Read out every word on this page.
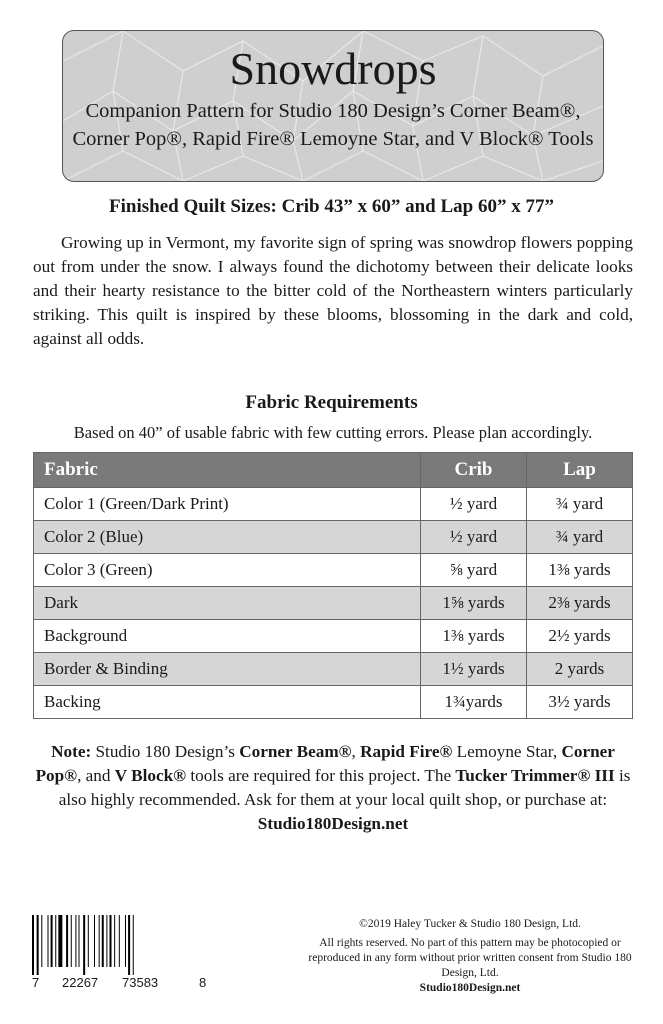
Snowdrops
Companion Pattern for Studio 180 Design’s Corner Beam®,
Corner Pop®, Rapid Fire® Lemoyne Star, and V Block® Tools
Finished Quilt Sizes: Crib 43” x 60” and Lap 60” x 77”
Growing up in Vermont, my favorite sign of spring was snowdrop flowers popping out from under the snow. I always found the dichotomy between their delicate looks and their hearty resistance to the bitter cold of the Northeastern winters particularly striking. This quilt is inspired by these blooms, blossoming in the dark and cold, against all odds.
Fabric Requirements
Based on 40” of usable fabric with few cutting errors. Please plan accordingly.
Fabric	Crib	Lap
Color 1 (Green/Dark Print)	½ yard	¾ yard
Color 2 (Blue)	½ yard	¾ yard
Color 3 (Green)	⅝ yard	1⅜ yards
Dark	1⅝ yards	2⅜ yards
Background	1⅜ yards	2½ yards
Border & Binding	1½ yards	2 yards
Backing	1¾yards	3½ yards
Note: Studio 180 Design’s Corner Beam®, Rapid Fire® Lemoyne Star, Corner Pop®, and V Block® tools are required for this project. The Tucker Trimmer® III is also highly recommended. Ask for them at your local quilt shop, or purchase at: Studio180Design.net
7 22267 73583	8
©2019 Haley Tucker & Studio 180 Design, Ltd.
All rights reserved. No part of this pattern may be photocopied or reproduced in any form without prior written consent from Studio 180 Design, Ltd.
Studio180Design.net
